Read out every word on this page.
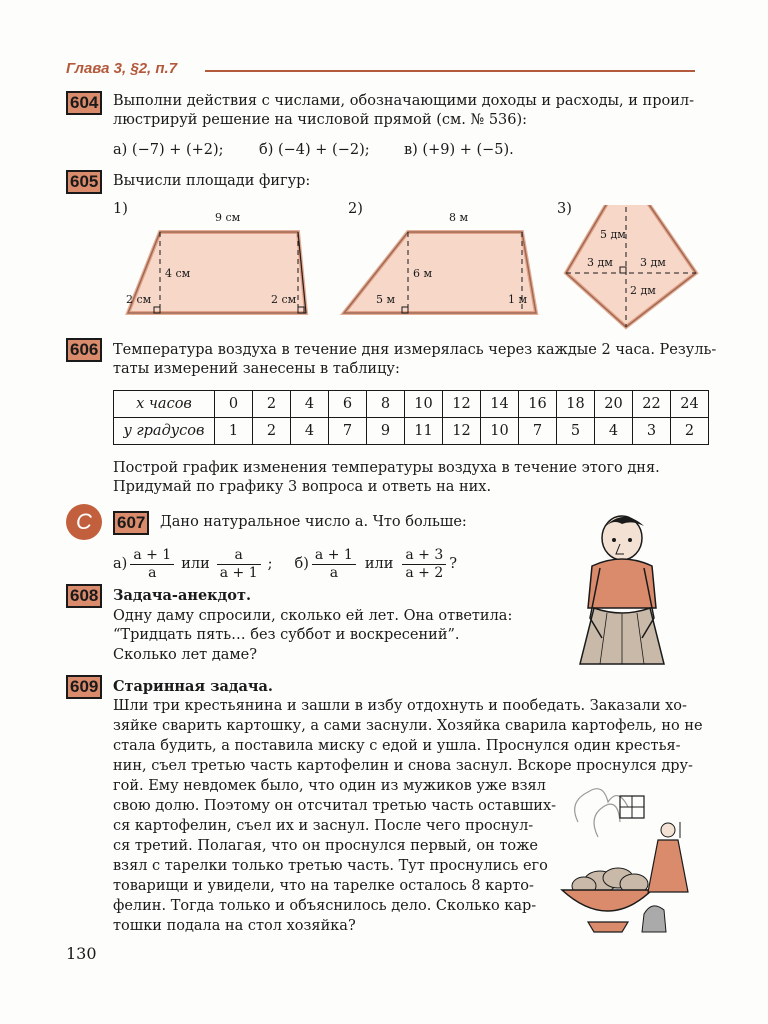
Глава 3, §2, п.7
604 Выполни действия с числами, обозначающими доходы и расходы, и проил-
люстрируй решение на числовой прямой (см. № 536):
а) (−7) + (+2); б) (−4) + (−2); в) (+9) + (−5).
605 Вычисли площади фигур:
1)	2)	3)
9 см
4 см
2 см	2 см
8 м
6 м
5 м	1 м
5 дм
3 дм 3 дм
2 дм
606 Температура воздуха в течение дня измерялась через каждые 2 часа. Резуль-
таты измерений занесены в таблицу:
x часов	0	2	4	6	8	10	12	14	16	18	20	22	24
y градусов	1	2	4	7	9	11	12	10	7	5	4	3	2
Построй график изменения температуры воздуха в течение этого дня.
Придумай по графику 3 вопроса и ответь на них.
C	607 Дано натуральное число a. Что больше:
$а) \frac{a + 1}{a}$ или $\frac{a}{a + 1}$ ; $б) \frac{a + 1}{a}$ или $\frac{a + 3}{a + 2}$ ?
608 Задача-анекдот.
Одну даму спросили, сколько ей лет. Она ответила:
“Тридцать пять… без суббот и воскресений”.
Сколько лет даме?
609 Старинная задача.
Шли три крестьянина и зашли в избу отдохнуть и пообедать. Заказали хо-
зяйке сварить картошку, а сами заснули. Хозяйка сварила картофель, но не
стала будить, а поставила миску с едой и ушла. Проснулся один крестья-
нин, съел третью часть картофелин и снова заснул. Вскоре проснулся дру-
гой. Ему невдомек было, что один из мужиков уже взял
свою долю. Поэтому он отсчитал третью часть оставших-
ся картофелин, съел их и заснул. После чего проснул-
ся третий. Полагая, что он проснулся первый, он тоже
взял с тарелки только третью часть. Тут проснулись его
товарищи и увидели, что на тарелке осталось 8 карто-
фелин. Тогда только и объяснилось дело. Сколько кар-
тошки подала на стол хозяйка?
130
